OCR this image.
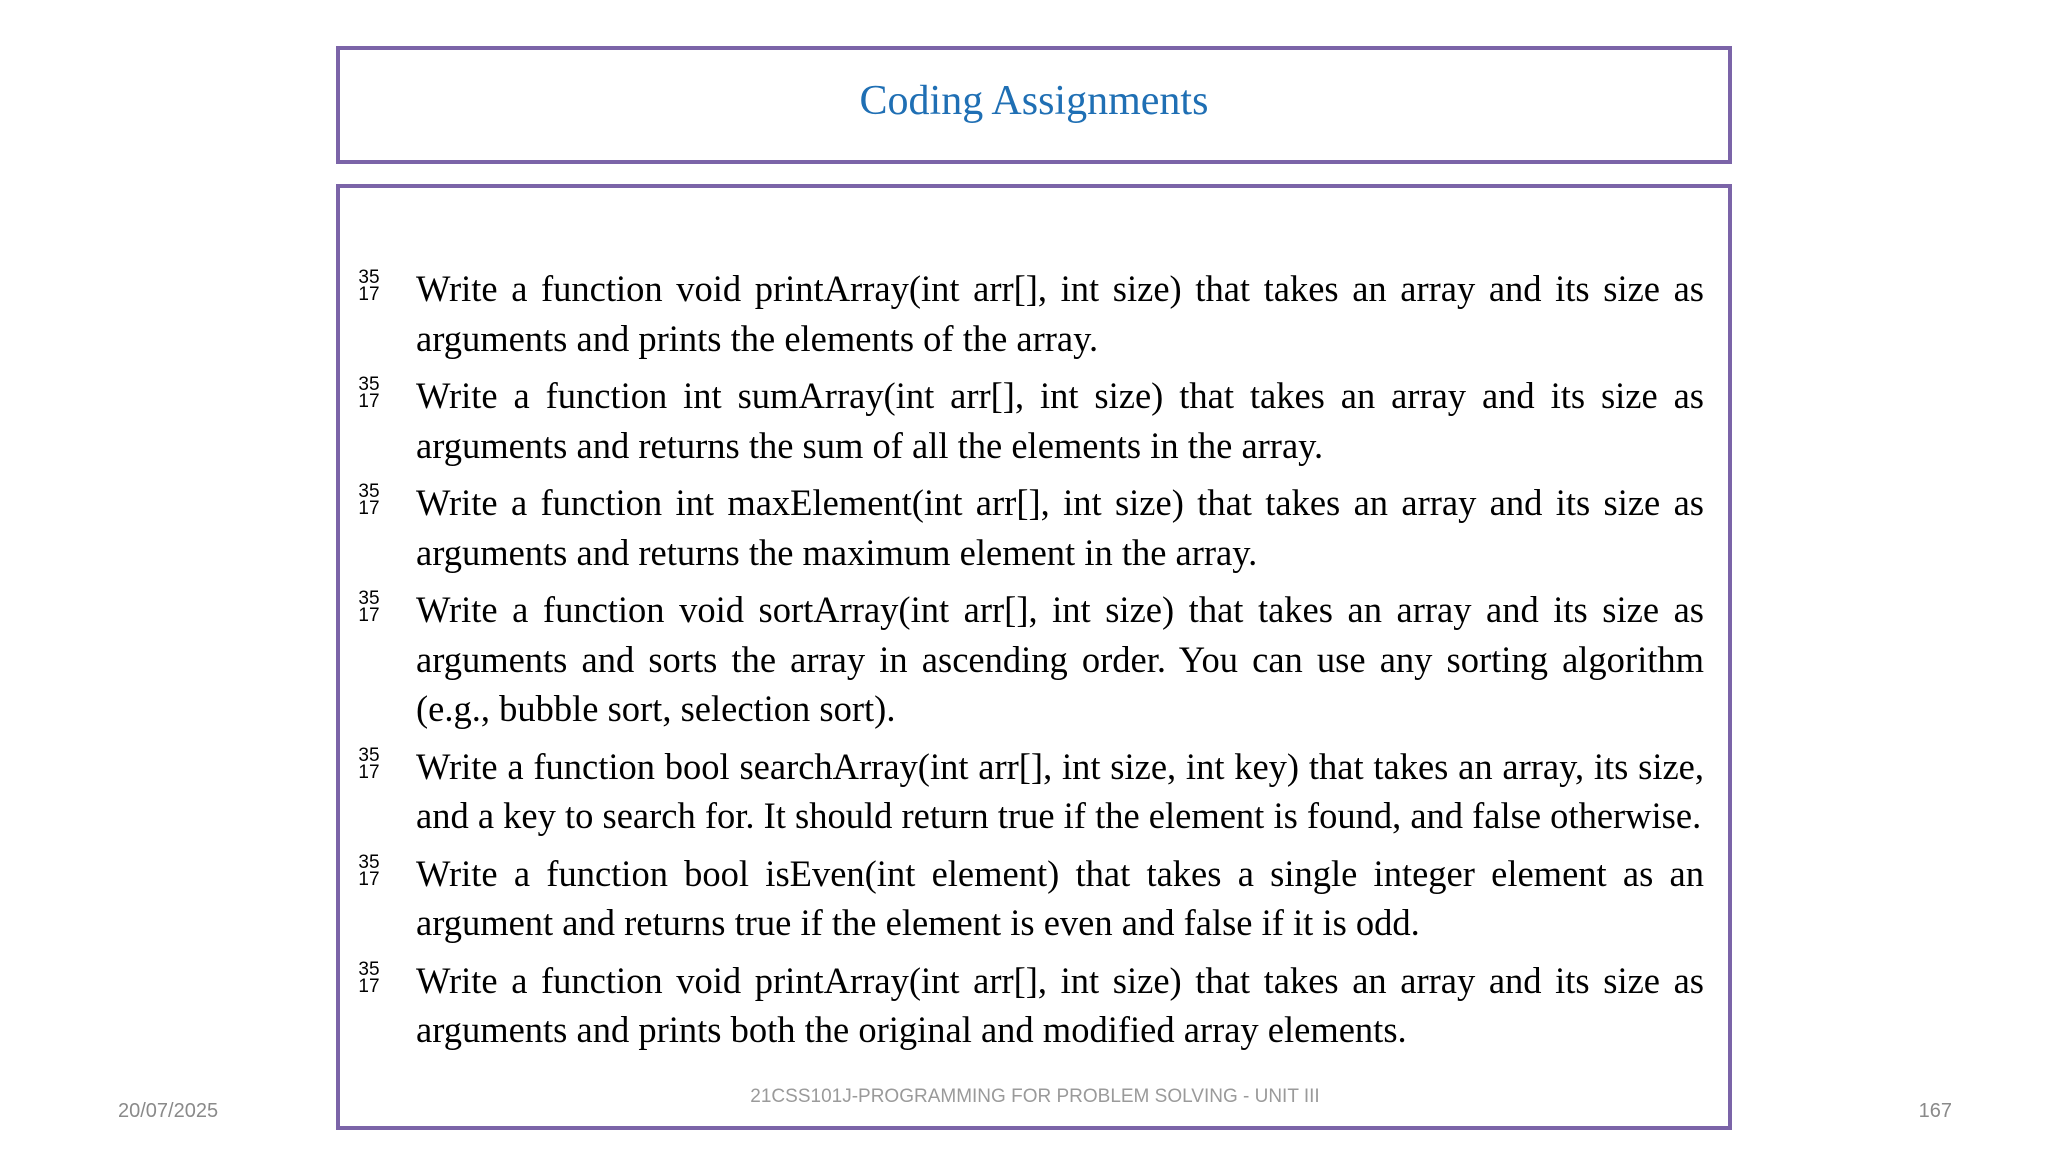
Coding Assignments
35
17 Write a function void printArray(int arr[], int size) that takes an array and its size as arguments and prints the elements of the array.
35
17 Write a function int sumArray(int arr[], int size) that takes an array and its size as arguments and returns the sum of all the elements in the array.
35
17 Write a function int maxElement(int arr[], int size) that takes an array and its size as arguments and returns the maximum element in the array.
35
17 Write a function void sortArray(int arr[], int size) that takes an array and its size as arguments and sorts the array in ascending order. You can use any sorting algorithm (e.g., bubble sort, selection sort).
35
17 Write a function bool searchArray(int arr[], int size, int key) that takes an array, its size, and a key to search for. It should return true if the element is found, and false otherwise.
35
17 Write a function bool isEven(int element) that takes a single integer element as an argument and returns true if the element is even and false if it is odd.
35
17 Write a function void printArray(int arr[], int size) that takes an array and its size as arguments and prints both the original and modified array elements.
20/07/2025
21CSS101J-PROGRAMMING FOR PROBLEM SOLVING - UNIT III
167
